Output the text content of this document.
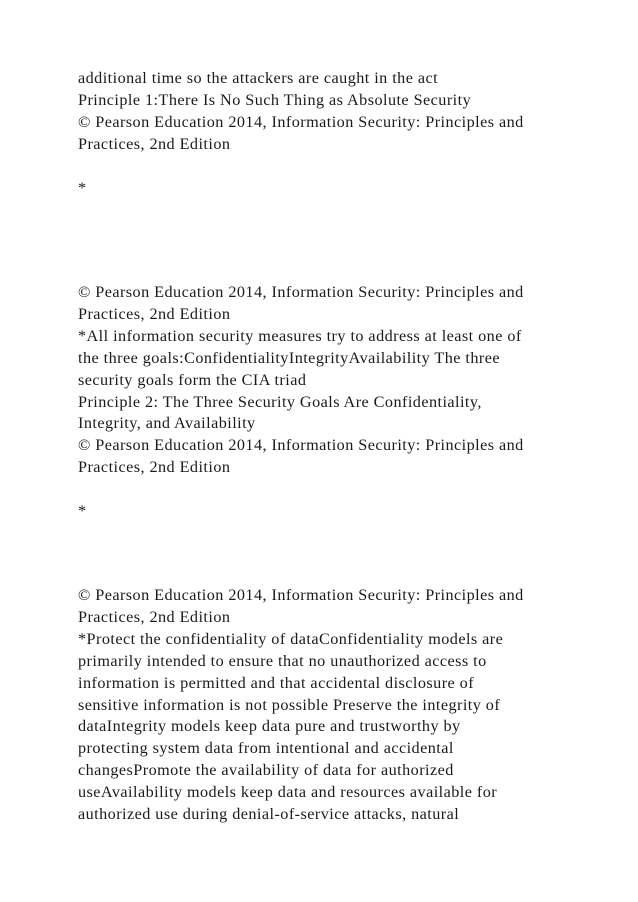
additional time so the attackers are caught in the act
Principle 1:There Is No Such Thing as Absolute Security
© Pearson Education 2014, Information Security: Principles and
Practices, 2nd Edition

*

© Pearson Education 2014, Information Security: Principles and
Practices, 2nd Edition
*All information security measures try to address at least one of
the three goals:ConfidentialityIntegrityAvailability The three
security goals form the CIA triad
Principle 2: The Three Security Goals Are Confidentiality,
Integrity, and Availability
© Pearson Education 2014, Information Security: Principles and
Practices, 2nd Edition

*

© Pearson Education 2014, Information Security: Principles and
Practices, 2nd Edition
*Protect the confidentiality of dataConfidentiality models are
primarily intended to ensure that no unauthorized access to
information is permitted and that accidental disclosure of
sensitive information is not possible Preserve the integrity of
dataIntegrity models keep data pure and trustworthy by
protecting system data from intentional and accidental
changesPromote the availability of data for authorized
useAvailability models keep data and resources available for
authorized use during denial-of-service attacks, natural
